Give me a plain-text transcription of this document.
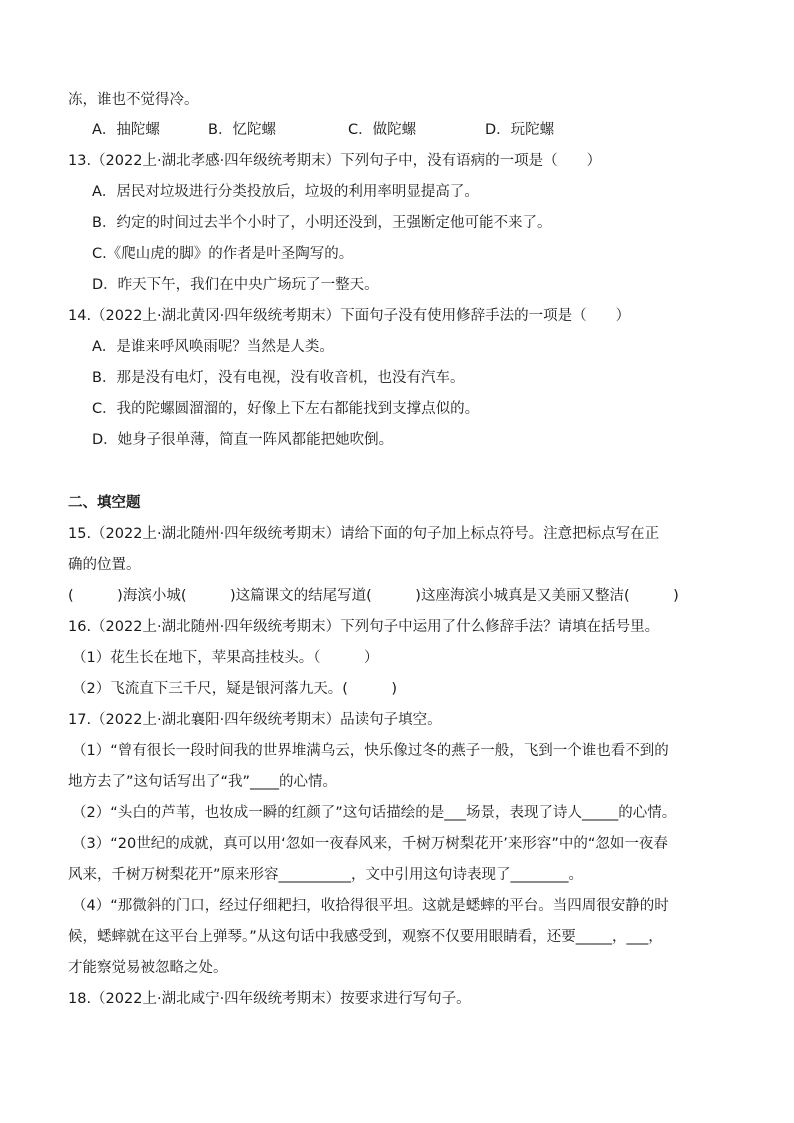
冻，谁也不觉得冷。
A．抽陀螺	B．忆陀螺	C．做陀螺	D．玩陀螺
13.（2022上·湖北孝感·四年级统考期末）下列句子中，没有语病的一项是（　　）
A．居民对垃圾进行分类投放后，垃圾的利用率明显提高了。
B．约定的时间过去半个小时了，小明还没到，王强断定他可能不来了。
C.《爬山虎的脚》的作者是叶圣陶写的。
D．昨天下午，我们在中央广场玩了一整天。
14.（2022上·湖北黄冈·四年级统考期末）下面句子没有使用修辞手法的一项是（　　）
A．是谁来呼风唤雨呢？当然是人类。
B．那是没有电灯，没有电视，没有收音机，也没有汽车。
C．我的陀螺圆溜溜的，好像上下左右都能找到支撑点似的。
D．她身子很单薄，简直一阵风都能把她吹倒。
二、填空题
15.（2022上·湖北随州·四年级统考期末）请给下面的句子加上标点符号。注意把标点写在正
确的位置。
(　　　)海滨小城(　　　)这篇课文的结尾写道(　　　)这座海滨小城真是又美丽又整洁(　　　)
16.（2022上·湖北随州·四年级统考期末）下列句子中运用了什么修辞手法？请填在括号里。
（1）花生长在地下，苹果高挂枝头。（　　　）
（2）飞流直下三千尺，疑是银河落九天。(　　　)
17.（2022上·湖北襄阳·四年级统考期末）品读句子填空。
（1）“曾有很长一段时间我的世界堆满乌云，快乐像过冬的燕子一般，飞到一个谁也看不到的
地方去了”这句话写出了“我”____的心情。
（2）“头白的芦苇，也妆成一瞬的红颜了”这句话描绘的是___场景，表现了诗人_____的心情。
（3）“20世纪的成就，真可以用‘忽如一夜春风来，千树万树梨花开’来形容”中的“忽如一夜春
风来，千树万树梨花开”原来形容__________，文中引用这句诗表现了________。
（4）“那微斜的门口，经过仔细耙扫，收拾得很平坦。这就是蟋蟀的平台。当四周很安静的时
候，蟋蟀就在这平台上弹琴。”从这句话中我感受到，观察不仅要用眼睛看，还要_____，___，
才能察觉易被忽略之处。
18.（2022上·湖北咸宁·四年级统考期末）按要求进行写句子。
